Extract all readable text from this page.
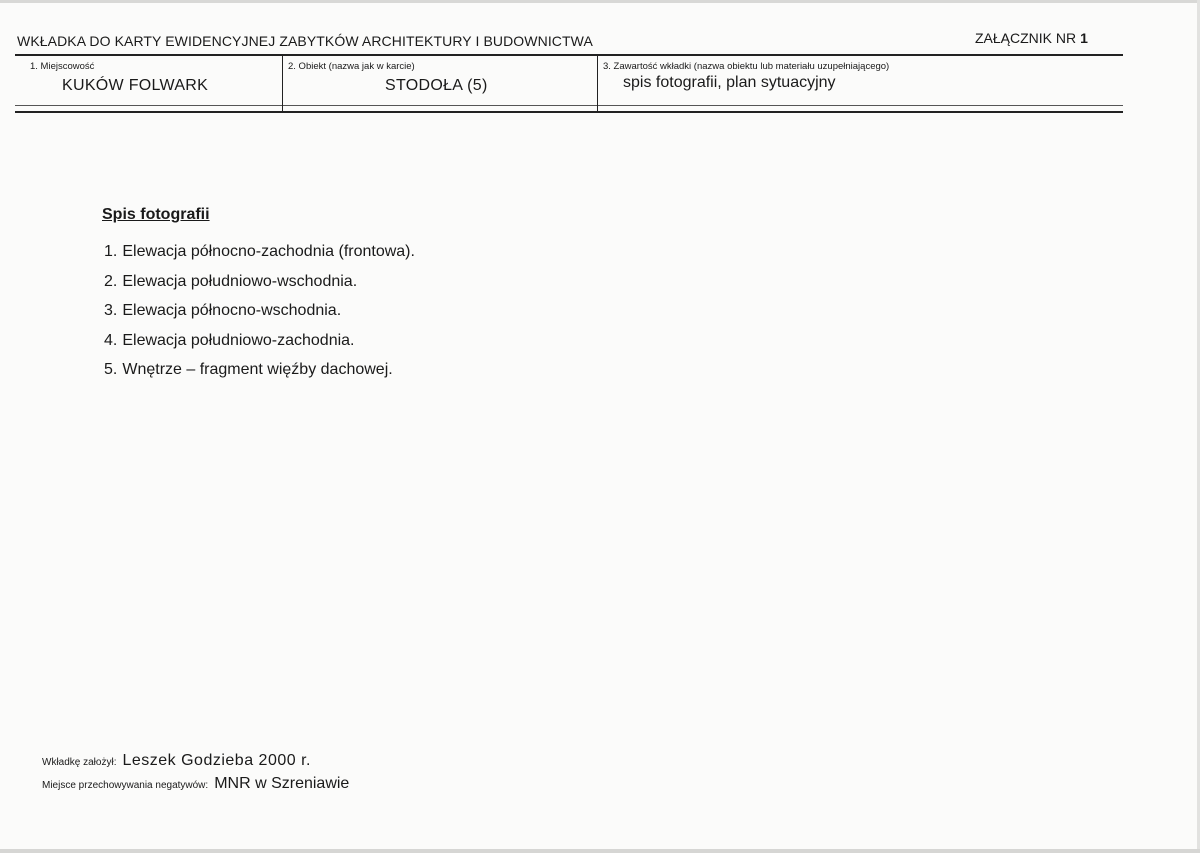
WKŁADKA DO KARTY EWIDENCYJNEJ ZABYTKÓW ARCHITEKTURY I BUDOWNICTWA	ZAŁĄCZNIK NR 1
1. Miejscowość
KUKÓW FOLWARK
2. Obiekt (nazwa jak w karcie)
STODOŁA (5)
3. Zawartość wkładki (nazwa obiektu lub materiału uzupełniającego)
spis fotografii, plan sytuacyjny
Spis fotografii
1. Elewacja północno-zachodnia (frontowa).
2. Elewacja południowo-wschodnia.
3. Elewacja północno-wschodnia.
4. Elewacja południowo-zachodnia.
5. Wnętrze – fragment więźby dachowej.
Wkładkę założył: Leszek Godzieba 2000 r.
Miejsce przechowywania negatywów: MNR w Szreniawie
